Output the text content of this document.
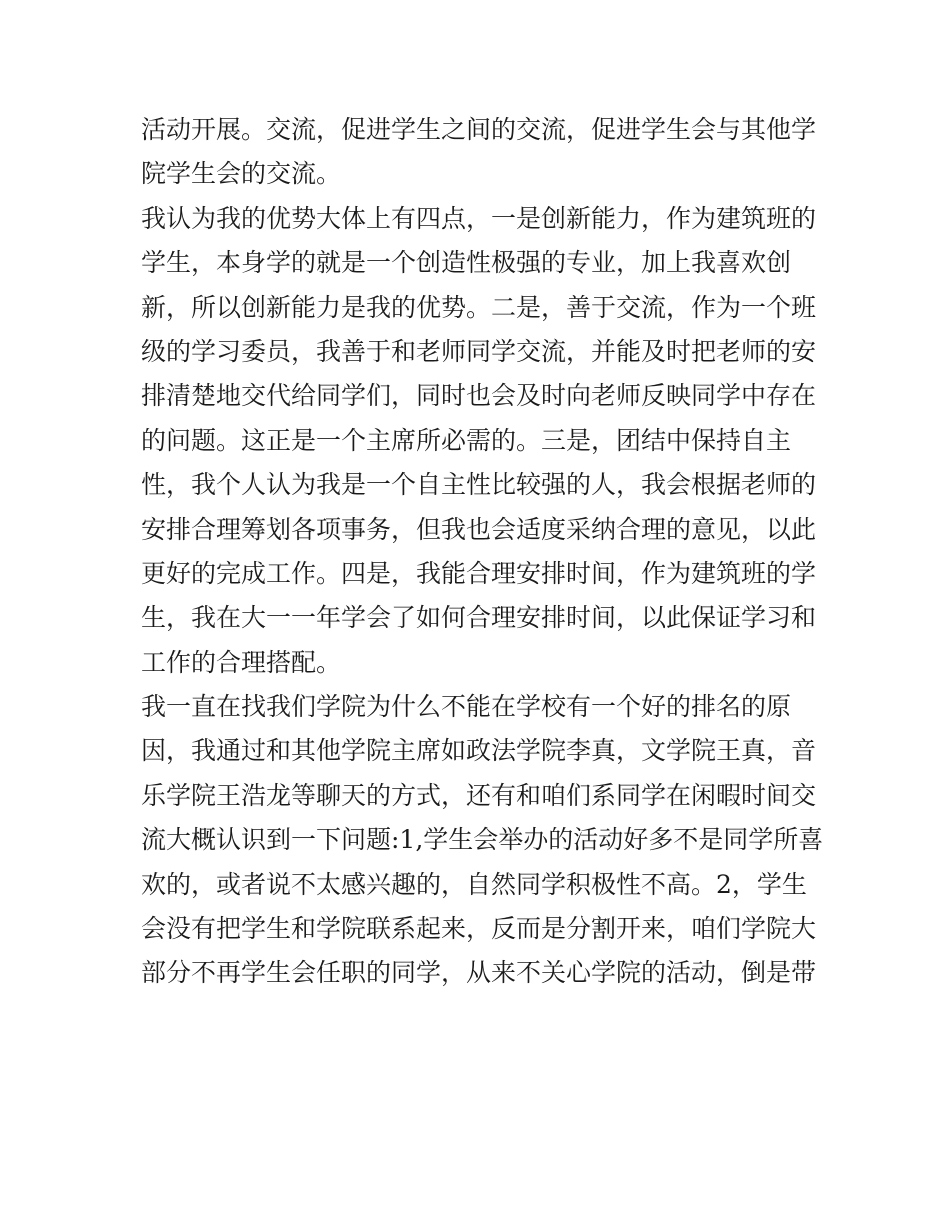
活动开展。交流，促进学生之间的交流，促进学生会与其他学
院学生会的交流。
我认为我的优势大体上有四点，一是创新能力，作为建筑班的
学生，本身学的就是一个创造性极强的专业，加上我喜欢创
新，所以创新能力是我的优势。二是，善于交流，作为一个班
级的学习委员，我善于和老师同学交流，并能及时把老师的安
排清楚地交代给同学们，同时也会及时向老师反映同学中存在
的问题。这正是一个主席所必需的。三是，团结中保持自主
性，我个人认为我是一个自主性比较强的人，我会根据老师的
安排合理筹划各项事务，但我也会适度采纳合理的意见，以此
更好的完成工作。四是，我能合理安排时间，作为建筑班的学
生，我在大一一年学会了如何合理安排时间，以此保证学习和
工作的合理搭配。
我一直在找我们学院为什么不能在学校有一个好的排名的原
因，我通过和其他学院主席如政法学院李真，文学院王真，音
乐学院王浩龙等聊天的方式，还有和咱们系同学在闲暇时间交
流大概认识到一下问题:1,学生会举办的活动好多不是同学所喜
欢的，或者说不太感兴趣的，自然同学积极性不高。2，学生
会没有把学生和学院联系起来，反而是分割开来，咱们学院大
部分不再学生会任职的同学，从来不关心学院的活动，倒是带
